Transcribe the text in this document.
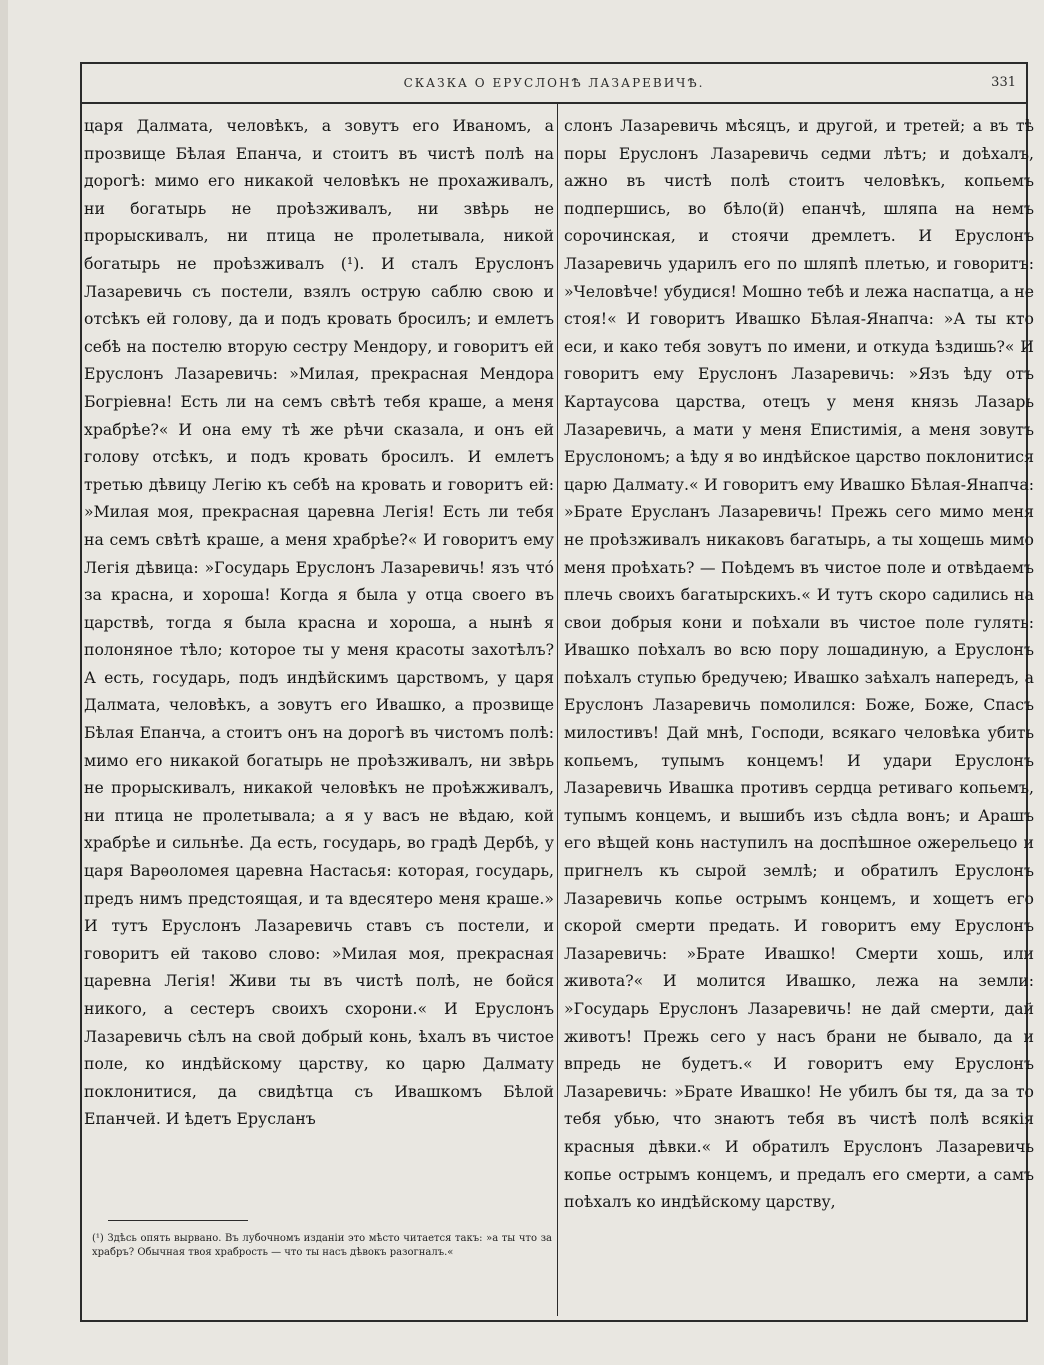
СКАЗКА О ЕРУСЛОНѢ ЛАЗАРЕВИЧѢ.	331

царя Далмата, человѣкъ, а зовутъ его Иваномъ, а прозвище Бѣлая Епанча, и стоитъ въ чистѣ полѣ на дорогѣ: мимо его никакой человѣкъ не прохаживалъ, ни богатырь не проѣзживалъ, ни звѣрь не прорыскивалъ, ни птица не пролетывала, никой богатырь не проѣзживалъ (¹). И сталъ Еруслонъ Лазаревичь съ постели, взялъ острую саблю свою и отсѣкъ ей голову, да и подъ кровать бросилъ; и емлетъ себѣ на постелю вторую сестру Мендору, и говоритъ ей Еруслонъ Лазаревичь: »Милая, прекрасная Мендора Богріевна! Есть ли на семъ свѣтѣ тебя краше, а меня храбрѣе?« И она ему тѣ же рѣчи сказала, и онъ ей голову отсѣкъ, и подъ кровать бросилъ. И емлетъ третью дѣвицу Легію къ себѣ на кровать и говоритъ ей: »Милая моя, прекрасная царевна Легія! Есть ли тебя на семъ свѣтѣ краше, а меня храбрѣе?« И говоритъ ему Легія дѣвица: »Государь Еруслонъ Лазаревичь! язъ что́ за красна, и хороша! Когда я была у отца своего въ царствѣ, тогда я была красна и хороша, а нынѣ я полоняное тѣло; которое ты у меня красоты захотѣлъ? А есть, государь, подъ индѣйскимъ царствомъ, у царя Далмата, человѣкъ, а зовутъ его Ивашко, а прозвище Бѣлая Епанча, а стоитъ онъ на дорогѣ въ чистомъ полѣ: мимо его никакой богатырь не проѣзживалъ, ни звѣрь не прорыскивалъ, никакой человѣкъ не проѣжживалъ, ни птица не пролетывала; а я у васъ не вѣдаю, кой храбрѣе и сильнѣе. Да есть, государь, во градѣ Дербѣ, у царя Варѳоломея царевна Настасья: которая, государь, предъ нимъ предстоящая, и та вдесятеро меня краше.» И тутъ Еруслонъ Лазаревичь ставъ съ постели, и говоритъ ей таково слово: »Милая моя, прекрасная царевна Легія! Живи ты въ чистѣ полѣ, не бойся никого, а сестеръ своихъ схорони.« И Еруслонъ Лазаревичь сѣлъ на свой добрый конь, ѣхалъ въ чистое поле, ко индѣйскому царству, ко царю Далмату поклонитися, да свидѣтца съ Ивашкомъ Бѣлой Епанчей. И ѣдетъ Ерусланъ

слонъ Лазаревичь мѣсяцъ, и другой, и третей; а въ тѣ поры Еруслонъ Лазаревичь седми лѣтъ; и доѣхалъ, ажно въ чистѣ полѣ стоитъ человѣкъ, копьемъ подпершись, во бѣло(й) епанчѣ, шляпа на немъ сорочинская, и стоячи дремлетъ. И Еруслонъ Лазаревичь ударилъ его по шляпѣ плетью, и говоритъ: »Человѣче! убудися! Мошно тебѣ и лежа наспатца, а не стоя!« И говоритъ Ивашко Бѣлая-Янапча: »А ты кто еси, и како тебя зовутъ по имени, и откуда ѣздишь?« И говоритъ ему Еруслонъ Лазаревичь: »Язъ ѣду отъ Картаусова царства, отецъ у меня князь Лазарь Лазаревичь, а мати у меня Епистимія, а меня зовутъ Еруслономъ; а ѣду я во индѣйское царство поклонитися царю Далмату.« И говоритъ ему Ивашко Бѣлая-Янапча: »Брате Ерусланъ Лазаревичь! Прежь сего мимо меня не проѣзживалъ никаковъ багатырь, а ты хощешь мимо меня проѣхать? — Поѣдемъ въ чистое поле и отвѣдаемъ плечь своихъ багатырскихъ.« И тутъ скоро садились на свои добрыя кони и поѣхали въ чистое поле гулять: Ивашко поѣхалъ во всю пору лошадиную, а Еруслонъ поѣхалъ ступью бредучею; Ивашко заѣхалъ напередъ, а Еруслонъ Лазаревичь помолился: Боже, Боже, Спасъ милостивъ! Дай мнѣ, Господи, всякаго человѣка убить копьемъ, тупымъ концемъ! И удари Еруслонъ Лазаревичь Ивашка противъ сердца ретиваго копьемъ, тупымъ концемъ, и вышибъ изъ сѣдла вонъ; и Арашъ его вѣщей конь наступилъ на доспѣшное ожерельецо и пригнелъ къ сырой землѣ; и обратилъ Еруслонъ Лазаревичь копье острымъ концемъ, и хощетъ его скорой смерти предать. И говоритъ ему Еруслонъ Лазаревичь: »Брате Ивашко! Смерти хошь, или живота?« И молится Ивашко, лежа на земли: »Государь Еруслонъ Лазаревичь! не дай смерти, дай животъ! Прежь сего у насъ брани не бывало, да и впредь не будетъ.« И говоритъ ему Еруслонъ Лазаревичь: »Брате Ивашко! Не убилъ бы тя, да за то тебя убью, что знаютъ тебя въ чистѣ полѣ всякія красныя дѣвки.« И обратилъ Еруслонъ Лазаревичь копье острымъ концемъ, и предалъ его смерти, а самъ поѣхалъ ко индѣйскому царству,

(¹) Здѣсь опять вырвано. Въ лубочномъ изданіи это мѣсто читается такъ: »а ты что за храбръ? Обычная твоя храбрость — что ты насъ дѣвокъ разогналъ.«
